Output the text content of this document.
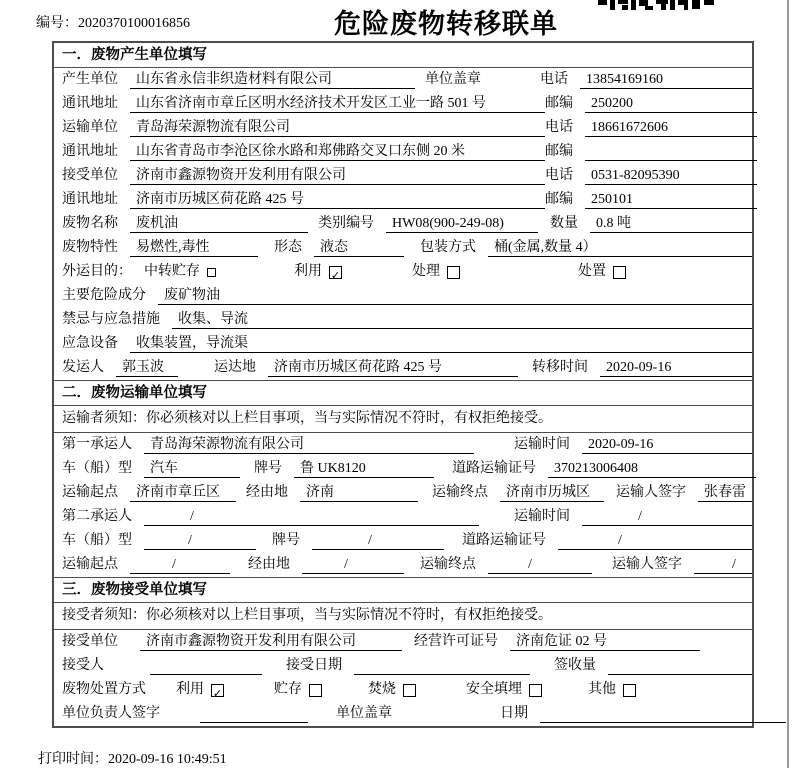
编号：2020370100016856	危险废物转移联单
一．废物产生单位填写
产生单位	山东省永信非织造材料有限公司	单位盖章	电话	13854169160
通讯地址	山东省济南市章丘区明水经济技术开发区工业一路 501 号	邮编	250200
运输单位	青岛海荣源物流有限公司	电话	18661672606
通讯地址	山东省青岛市李沧区徐水路和郑佛路交叉口东侧 20 米	邮编
接受单位	济南市鑫源物资开发利用有限公司	电话	0531-82095390
通讯地址	济南市历城区荷花路 425 号	邮编	250101
废物名称	废机油	类别编号	HW08(900-249-08)	数量	0.8 吨
废物特性	易燃性,毒性	形态	液态	包装方式	桶(金属,数量 4）
外运目的： 中转贮存	利用 ✓	处理	处置
主要危险成分	废矿物油
禁忌与应急措施	收集、导流
应急设备	收集装置，导流渠
发运人	郭玉波	运达地	济南市历城区荷花路 425 号	转移时间	2020-09-16
二．废物运输单位填写
运输者须知：你必须核对以上栏目事项，当与实际情况不符时，有权拒绝接受。
第一承运人	青岛海荣源物流有限公司	运输时间	2020-09-16
车（船）型	汽车	牌号	鲁 UK8120	道路运输证号	370213006408
运输起点	济南市章丘区	经由地	济南	运输终点	济南市历城区	运输人签字	张春雷
第二承运人	/	运输时间	/
车（船）型	/	牌号	/	道路运输证号	/
运输起点	/	经由地	/	运输终点	/	运输人签字	/
三．废物接受单位填写
接受者须知：你必须核对以上栏目事项，当与实际情况不符时，有权拒绝接受。
接受单位	济南市鑫源物资开发利用有限公司	经营许可证号	济南危证 02 号
接受人	接受日期	签收量
废物处置方式 利用 ✓	贮存	焚烧	安全填埋	其他
单位负责人签字	单位盖章	日期
打印时间：2020-09-16 10:49:51
